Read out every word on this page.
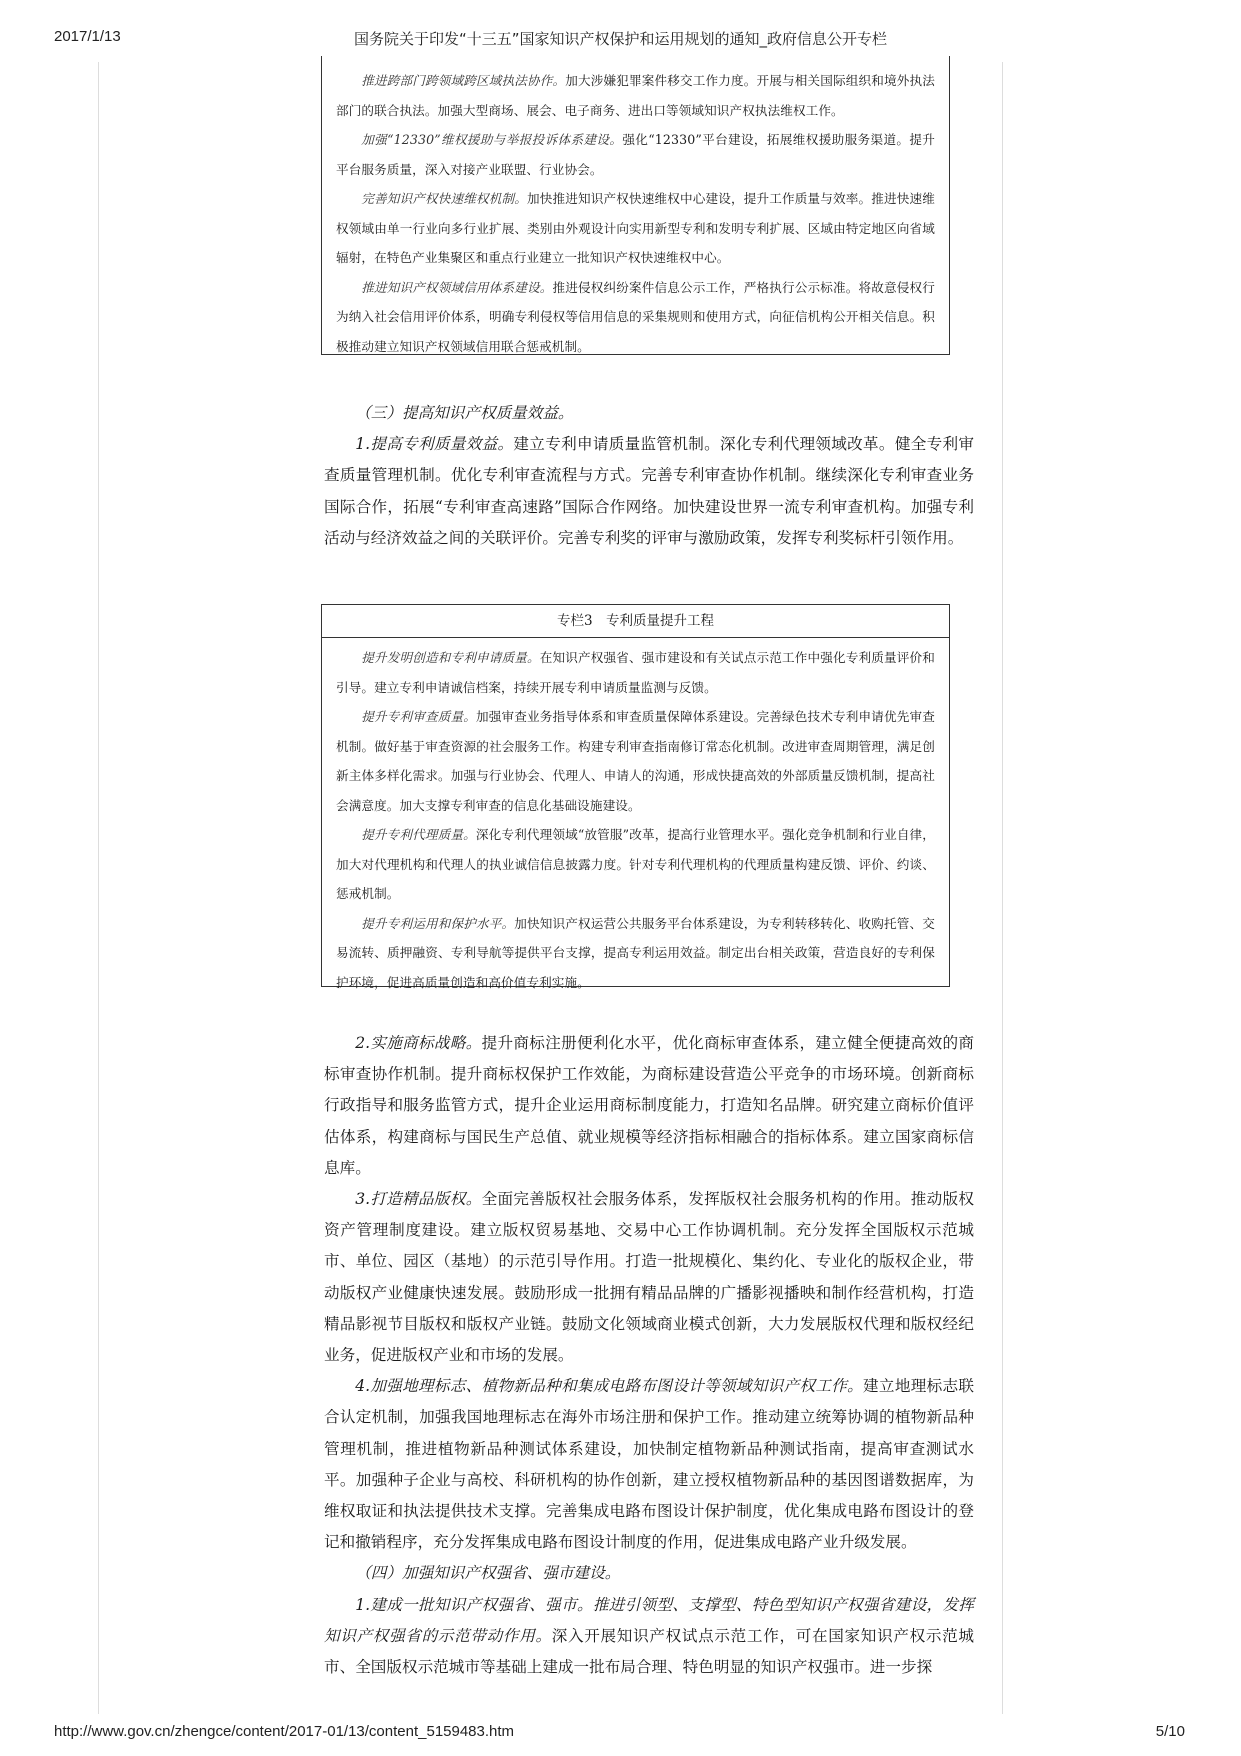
2017/1/13	国务院关于印发“十三五”国家知识产权保护和运用规划的通知_政府信息公开专栏

推进跨部门跨领域跨区域执法协作。加大涉嫌犯罪案件移交工作力度。开展与相关国际组织和境外执法部门的联合执法。加强大型商场、展会、电子商务、进出口等领域知识产权执法维权工作。

加强“12330”维权援助与举报投诉体系建设。强化“12330”平台建设，拓展维权援助服务渠道。提升平台服务质量，深入对接产业联盟、行业协会。

完善知识产权快速维权机制。加快推进知识产权快速维权中心建设，提升工作质量与效率。推进快速维权领域由单一行业向多行业扩展、类别由外观设计向实用新型专利和发明专利扩展、区域由特定地区向省域辐射，在特色产业集聚区和重点行业建立一批知识产权快速维权中心。

推进知识产权领域信用体系建设。推进侵权纠纷案件信息公示工作，严格执行公示标准。将故意侵权行为纳入社会信用评价体系，明确专利侵权等信用信息的采集规则和使用方式，向征信机构公开相关信息。积极推动建立知识产权领域信用联合惩戒机制。

（三）提高知识产权质量效益。

1.提高专利质量效益。建立专利申请质量监管机制。深化专利代理领域改革。健全专利审查质量管理机制。优化专利审查流程与方式。完善专利审查协作机制。继续深化专利审查业务国际合作，拓展“专利审查高速路”国际合作网络。加快建设世界一流专利审查机构。加强专利活动与经济效益之间的关联评价。完善专利奖的评审与激励政策，发挥专利奖标杆引领作用。

专栏3　专利质量提升工程

提升发明创造和专利申请质量。在知识产权强省、强市建设和有关试点示范工作中强化专利质量评价和引导。建立专利申请诚信档案，持续开展专利申请质量监测与反馈。

提升专利审查质量。加强审查业务指导体系和审查质量保障体系建设。完善绿色技术专利申请优先审查机制。做好基于审查资源的社会服务工作。构建专利审查指南修订常态化机制。改进审查周期管理，满足创新主体多样化需求。加强与行业协会、代理人、申请人的沟通，形成快捷高效的外部质量反馈机制，提高社会满意度。加大支撑专利审查的信息化基础设施建设。

提升专利代理质量。深化专利代理领域“放管服”改革，提高行业管理水平。强化竞争机制和行业自律，加大对代理机构和代理人的执业诚信信息披露力度。针对专利代理机构的代理质量构建反馈、评价、约谈、惩戒机制。

提升专利运用和保护水平。加快知识产权运营公共服务平台体系建设，为专利转移转化、收购托管、交易流转、质押融资、专利导航等提供平台支撑，提高专利运用效益。制定出台相关政策，营造良好的专利保护环境，促进高质量创造和高价值专利实施。

2.实施商标战略。提升商标注册便利化水平，优化商标审查体系，建立健全便捷高效的商标审查协作机制。提升商标权保护工作效能，为商标建设营造公平竞争的市场环境。创新商标行政指导和服务监管方式，提升企业运用商标制度能力，打造知名品牌。研究建立商标价值评估体系，构建商标与国民生产总值、就业规模等经济指标相融合的指标体系。建立国家商标信息库。

3.打造精品版权。全面完善版权社会服务体系，发挥版权社会服务机构的作用。推动版权资产管理制度建设。建立版权贸易基地、交易中心工作协调机制。充分发挥全国版权示范城市、单位、园区（基地）的示范引导作用。打造一批规模化、集约化、专业化的版权企业，带动版权产业健康快速发展。鼓励形成一批拥有精品品牌的广播影视播映和制作经营机构，打造精品影视节目版权和版权产业链。鼓励文化领域商业模式创新，大力发展版权代理和版权经纪业务，促进版权产业和市场的发展。

4.加强地理标志、植物新品种和集成电路布图设计等领域知识产权工作。建立地理标志联合认定机制，加强我国地理标志在海外市场注册和保护工作。推动建立统筹协调的植物新品种管理机制，推进植物新品种测试体系建设，加快制定植物新品种测试指南，提高审查测试水平。加强种子企业与高校、科研机构的协作创新，建立授权植物新品种的基因图谱数据库，为维权取证和执法提供技术支撑。完善集成电路布图设计保护制度，优化集成电路布图设计的登记和撤销程序，充分发挥集成电路布图设计制度的作用，促进集成电路产业升级发展。

（四）加强知识产权强省、强市建设。

1.建成一批知识产权强省、强市。推进引领型、支撑型、特色型知识产权强省建设，发挥知识产权强省的示范带动作用。深入开展知识产权试点示范工作，可在国家知识产权示范城市、全国版权示范城市等基础上建成一批布局合理、特色明显的知识产权强市。进一步探

http://www.gov.cn/zhengce/content/2017-01/13/content_5159483.htm	5/10
